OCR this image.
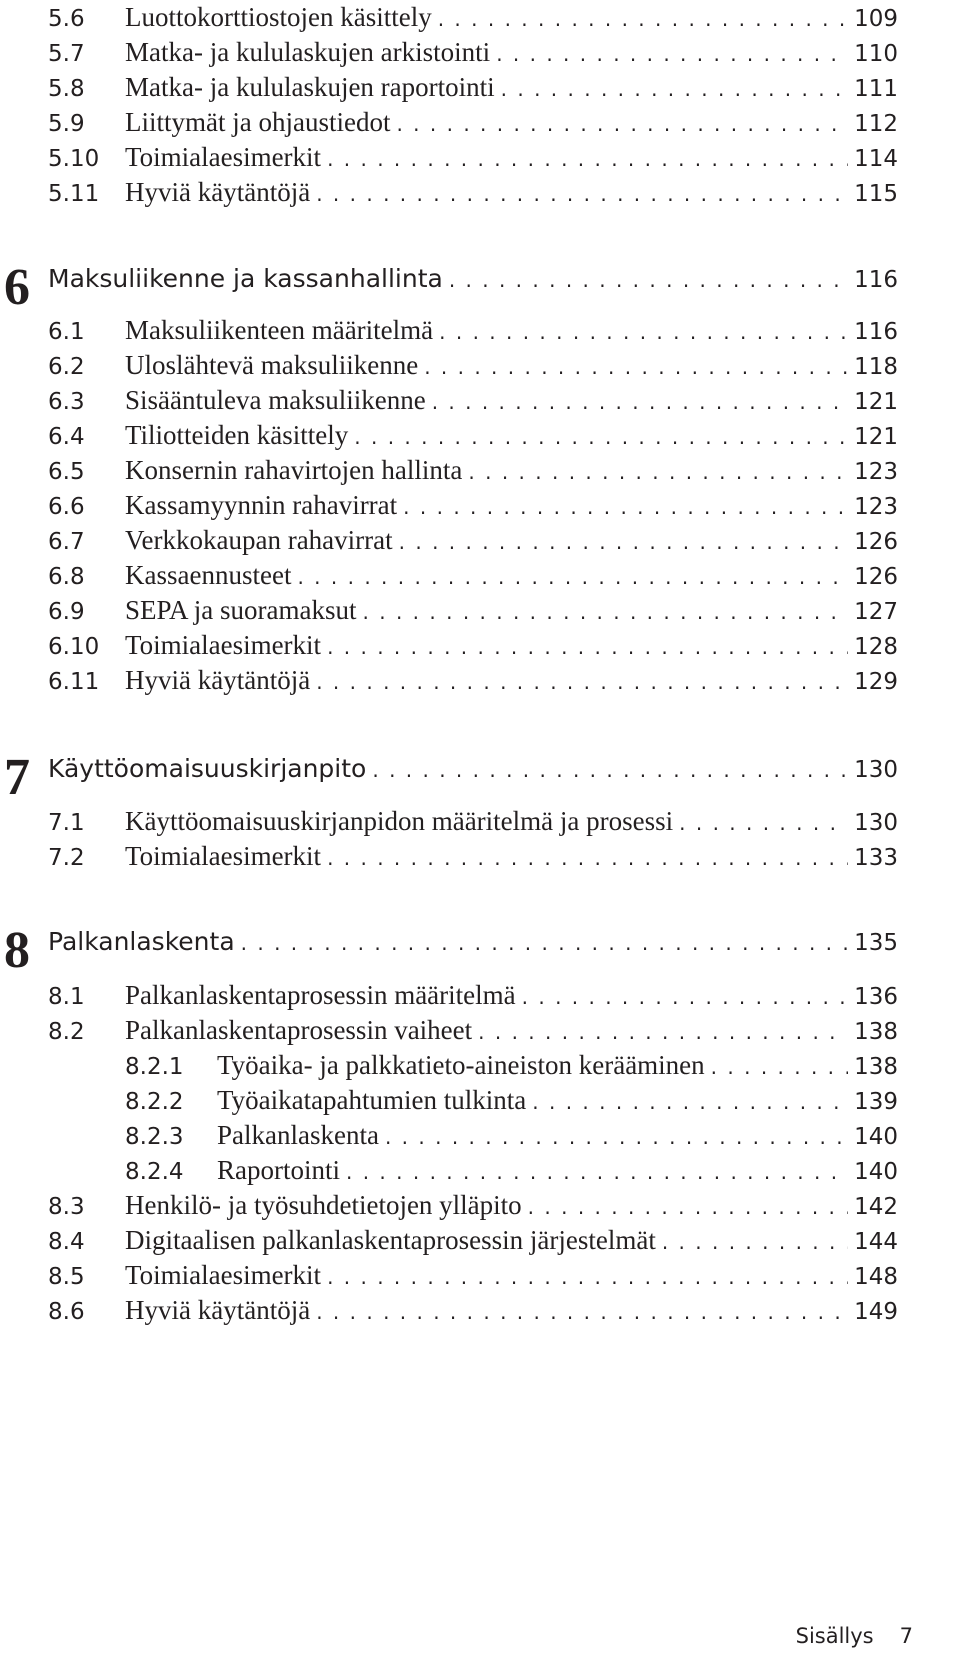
5.6	Luottokorttiostojen käsittely . . .	109
5.7	Matka- ja kululaskujen arkistointi . . .	110
5.8	Matka- ja kululaskujen raportointi . . .	111
5.9	Liittymät ja ohjaustiedot . . .	112
5.10 Toimialaesimerkit . . .	114
5.11 Hyviä käytäntöjä . . .	115
6 Maksuliikenne ja kassanhallinta . . .	116
6.1	Maksuliikenteen määritelmä . . .	116
6.2	Uloslähtevä maksuliikenne . . .	118
6.3	Sisääntuleva maksuliikenne . . .	121
6.4	Tiliotteiden käsittely . . .	121
6.5	Konsernin rahavirtojen hallinta . . .	123
6.6	Kassamyynnin rahavirrat . . .	123
6.7	Verkkokaupan rahavirrat . . .	126
6.8	Kassaennusteet . . .	126
6.9	SEPA ja suoramaksut . . .	127
6.10 Toimialaesimerkit . . .	128
6.11 Hyviä käytäntöjä . . .	129
7 Käyttöomaisuuskirjanpito . . .	130
7.1	Käyttöomaisuuskirjanpidon määritelmä ja prosessi . . .	130
7.2	Toimialaesimerkit . . .	133
8 Palkanlaskenta . . .	135
8.1	Palkanlaskentaprosessin määritelmä . . .	136
8.2	Palkanlaskentaprosessin vaiheet . . .	138
8.2.1	Työaika- ja palkkatieto-aineiston kerääminen . . .	138
8.2.2	Työaikatapahtumien tulkinta . . .	139
8.2.3	Palkanlaskenta . . .	140
8.2.4	Raportointi . . .	140
8.3	Henkilö- ja työsuhdetietojen ylläpito . . .	142
8.4	Digitaalisen palkanlaskentaprosessin järjestelmät . . .	144
8.5	Toimialaesimerkit . . .	148
8.6	Hyviä käytäntöjä . . .	149
Sisällys 7
